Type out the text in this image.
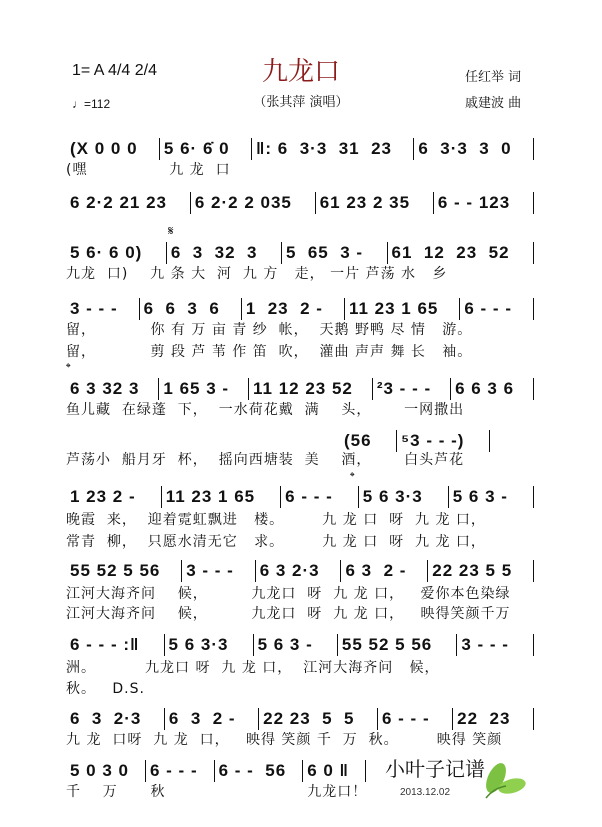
1= A 4/4 2/4
♩=112
九龙口
（张其萍 演唱）
任红举 词
戚建波 曲
(X 0 0 0	5 6· 6̇ 0	‖: 6  3·3  31  23	6  3·3  3  0
(嘿               九 龙  口
6 2·2 21 23	6 2·2 2 035	61 23 2 35	6 - - 123
5 6· 6 0)	6  3  32  3	5  65  3 -	61  12  23  52
九龙  口)    九 条 大  河  九 方   走， 一片 芦荡 水   乡
3 - - -	6  6  3  6	1  23  2 -	11 23 1 65	6 - - -
留，          你 有 万 亩 青 纱  帐，  天鹅 野鸭 尽 情   游。
留，          剪 段 芦 苇 作 笛  吹，  灌曲 声声 舞 长   袖。
6 3 32 3	1 65 3 -	11 12 23 52	²3 - - -	6 6 3 6
鱼儿藏  在绿蓬  下，  一水荷花戴  满    头，      一网撒出
(56	⁵3 - - -)
芦荡小  船月牙  杯，  摇向西塘装  美    酒，      白头芦花
1 23 2 -	11 23 1 65	6 - - -	5 6 3·3	5 6 3 -
晚霞  来，  迎着霓虹飘进   楼。       九 龙 口  呀  九 龙 口，
常青  柳，  只愿水清无它   求。       九 龙 口  呀  九 龙 口，
55 52 5 56	3 - - -	6 3 2·3	6 3  2 -	22 23 5 5
江河大海齐问    候，        九龙口  呀  九 龙 口，   爱你本色染绿
江河大海齐问    候，        九龙口  呀  九 龙 口，   映得笑颜千万
6 - - - :‖	5 6 3·3	5 6 3 -	55 52 5 56	3 - - -
洲。         九龙口 呀  九 龙 口，  江河大海齐问   候，
秋。   D.S.
6  3  2·3	6  3  2 -	22 23  5  5	6 - - -	22  23
九 龙  口呀  九 龙  口，   映得 笑颜 千  万  秋。       映得 笑颜
5 0 3 0	6 - - -	6 - -  56	6 0 ‖
千    万      秋                          九龙口！
𝄋
𝄌
𝄌
小叶子记谱
2013.12.02
